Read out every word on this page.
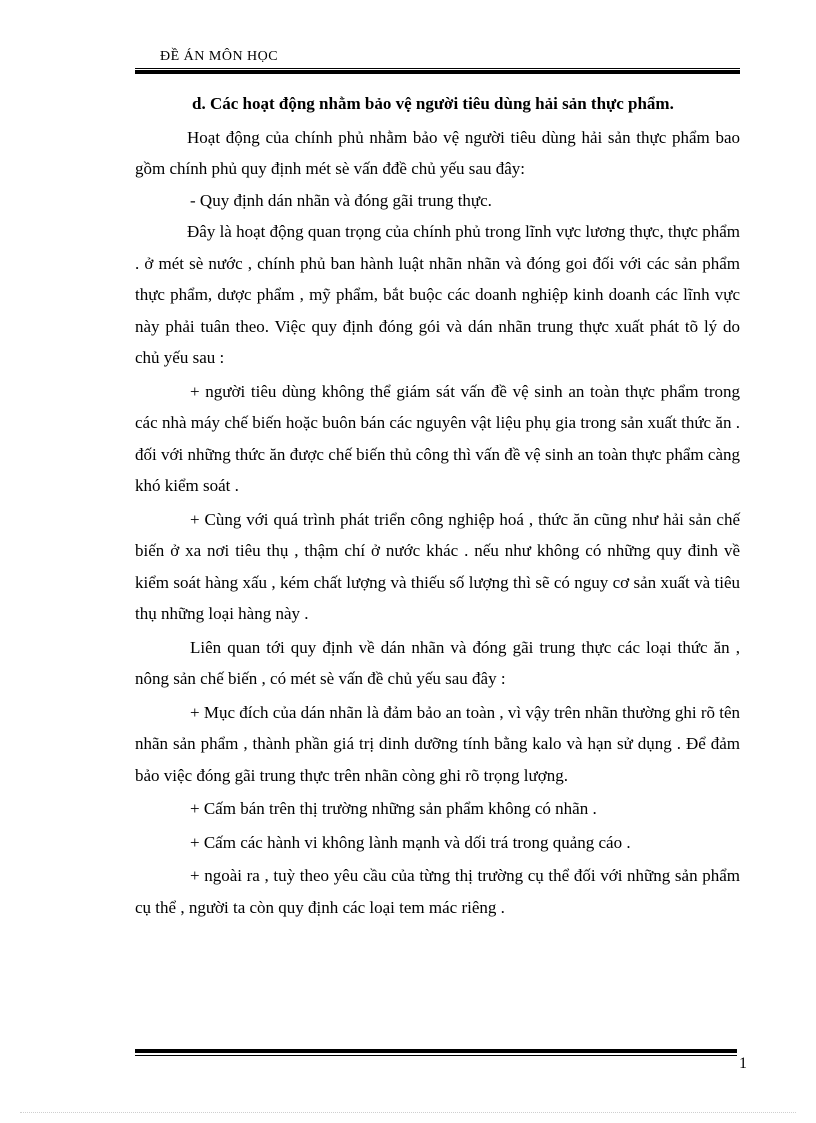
ĐỀ ÁN MÔN HỌC

d. Các hoạt động nhằm bảo vệ người tiêu dùng hải sản thực phẩm.

Hoạt động của chính phủ nhằm bảo vệ người tiêu dùng hải sản thực phẩm bao gồm chính phủ quy định mét sè vấn đđề chủ yếu sau đây:

- Quy định dán nhãn và đóng gãi trung thực.

Đây là hoạt động quan trọng của chính phủ trong lĩnh vực lương thực, thực phẩm . ở mét sè nước , chính phủ ban hành luật nhãn nhãn và đóng goi đối với các sản phẩm thực phẩm, dược phẩm , mỹ phẩm, bắt buộc các doanh nghiệp kinh doanh các lĩnh vực này phải tuân theo. Việc quy định đóng gói và dán nhãn trung thực xuất phát tõ lý do chủ yếu sau :

+ người tiêu dùng không thể giám sát vấn đề vệ sinh an toàn thực phẩm trong các nhà máy chế biến hoặc buôn bán các nguyên vật liệu phụ gia trong sản xuất thức ăn . đối với những thức ăn được chế biến thủ công thì vấn đề vệ sinh an toàn thực phẩm càng khó kiểm soát .

+ Cùng với quá trình phát triển công nghiệp hoá , thức ăn cũng như hải sản chế biến ở xa nơi tiêu thụ , thậm chí ở nước khác . nếu như không có những quy đinh về kiểm soát hàng xấu , kém chất lượng và thiếu số lượng thì sẽ có nguy cơ sản xuất và tiêu thụ những loại hàng này .

Liên quan tới quy định về dán nhãn và đóng gãi trung thực các loại thức ăn , nông sản chế biến , có mét sè vấn đề chủ yếu sau đây :

+ Mục đích của dán nhãn là đảm bảo an toàn , vì vậy trên nhãn thường ghi rõ tên nhãn sản phẩm , thành phần giá trị dinh dưỡng tính bằng kalo và hạn sử dụng . Để đảm bảo việc đóng gãi trung thực trên nhãn còng ghi rõ trọng lượng.

+ Cấm bán trên thị trường những sản phẩm không có nhãn .

+ Cấm các hành vi không lành mạnh và dối trá trong quảng cáo .

+ ngoài ra , tuỳ theo yêu cầu của từng thị trường cụ thể đối với những sản phẩm cụ thể , người ta còn quy định các loại tem mác riêng .

1
